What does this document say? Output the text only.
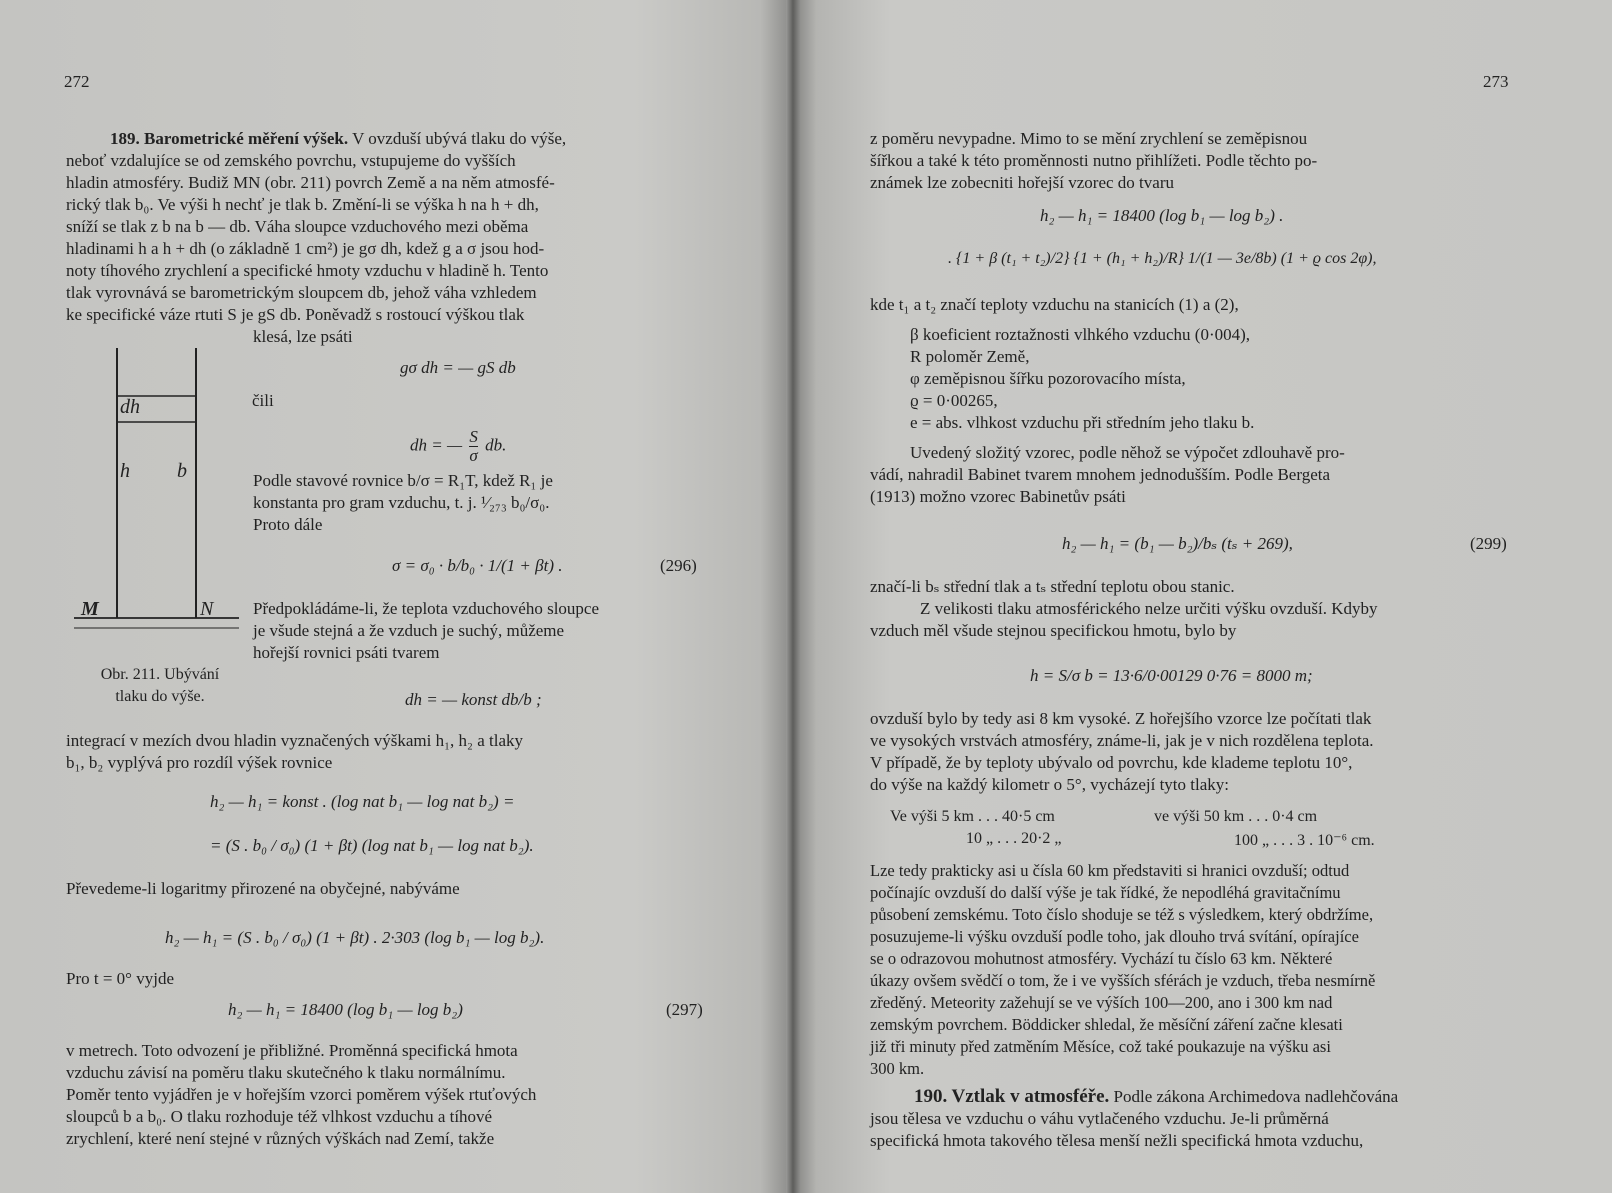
272
189. Barometrické měření výšek. V ovzduší ubývá tlaku do výše,
neboť vzdalujíce se od zemského povrchu, vstupujeme do vyšších
hladin atmosféry. Budiž MN (obr. 211) povrch Země a na něm atmosfé-
rický tlak b₀. Ve výši h nechť je tlak b. Změní-li se výška h na h + dh,
sníží se tlak z b na b — db. Váha sloupce vzduchového mezi oběma
hladinami h a h + dh (o základně 1 cm²) je gσ dh, kdež g a σ jsou hod-
noty tíhového zrychlení a specifické hmoty vzduchu v hladině h. Tento
tlak vyrovnává se barometrickým sloupcem db, jehož váha vzhledem
ke specifické váze rtuti S je gS db. Poněvadž s rostoucí výškou tlak
klesá, lze psáti
dh
h b
M	N
Obr. 211. Ubývání
tlaku do výše.
gσ dh = — gS db
čili
dh = — $\frac{S}{\sigma}$ db.
Podle stavové rovnice b/σ = R₁T, kdež R₁ je
konstanta pro gram vzduchu, t. j. ¹⁄₂₇₃ b₀/σ₀.
Proto dále
σ = σ₀ · b/b₀ · 1/(1 + βt) .	(296)
Předpokládáme-li, že teplota vzduchového sloupce
je všude stejná a že vzduch je suchý, můžeme
hořejší rovnici psáti tvarem
dh = — konst db/b ;
integrací v mezích dvou hladin vyznačených výškami h₁, h₂ a tlaky
b₁, b₂ vyplývá pro rozdíl výšek rovnice
h₂ — h₁ = konst . (log nat b₁ — log nat b₂) =
= (S . b₀ / σ₀) (1 + βt) (log nat b₁ — log nat b₂).
Převedeme-li logaritmy přirozené na obyčejné, nabýváme
h₂ — h₁ = (S . b₀ / σ₀) (1 + βt) . 2·303 (log b₁ — log b₂).
Pro t = 0° vyjde
h₂ — h₁ = 18400 (log b₁ — log b₂)	(297)
v metrech. Toto odvození je přibližné. Proměnná specifická hmota
vzduchu závisí na poměru tlaku skutečného k tlaku normálnímu.
Poměr tento vyjádřen je v hořejším vzorci poměrem výšek rtuťových
sloupců b a b₀. O tlaku rozhoduje též vlhkost vzduchu a tíhové
zrychlení, které není stejné v různých výškách nad Zemí, takže
273
z poměru nevypadne. Mimo to se mění zrychlení se zeměpisnou
šířkou a také k této proměnnosti nutno přihlížeti. Podle těchto po-
známek lze zobecniti hořejší vzorec do tvaru
h₂ — h₁ = 18400 (log b₁ — log b₂) .
. {1 + β (t₁ + t₂)/2} {1 + (h₁ + h₂)/R} 1/(1 — 3e/8b) (1 + ϱ cos 2φ),
kde t₁ a t₂ značí teploty vzduchu na stanicích (1) a (2),
β koeficient roztažnosti vlhkého vzduchu (0·004),
R poloměr Země,
φ zeměpisnou šířku pozorovacího místa,
ϱ = 0·00265,
e = abs. vlhkost vzduchu při středním jeho tlaku b.
Uvedený složitý vzorec, podle něhož se výpočet zdlouhavě pro-
vádí, nahradil Babinet tvarem mnohem jednodušším. Podle Bergeta
(1913) možno vzorec Babinetův psáti
h₂ — h₁ = (b₁ — b₂)/bₛ (tₛ + 269),	(299)
značí-li bₛ střední tlak a tₛ střední teplotu obou stanic.
Z velikosti tlaku atmosférického nelze určiti výšku ovzduší. Kdyby
vzduch měl všude stejnou specifickou hmotu, bylo by
h = S/σ b = 13·6/0·00129 0·76 = 8000 m;
ovzduší bylo by tedy asi 8 km vysoké. Z hořejšího vzorce lze počítati tlak
ve vysokých vrstvách atmosféry, známe-li, jak je v nich rozdělena teplota.
V případě, že by teploty ubývalo od povrchu, kde klademe teplotu 10°,
do výše na každý kilometr o 5°, vycházejí tyto tlaky:
Ve výši 5 km . . . 40·5 cm	ve výši 50 km . . . 0·4 cm
10 „ . . . 20·2 „	100 „ . . . 3 . 10⁻⁶ cm.
Lze tedy prakticky asi u čísla 60 km představiti si hranici ovzduší; odtud
počínajíc ovzduší do další výše je tak řídké, že nepodléhá gravitačnímu
působení zemskému. Toto číslo shoduje se též s výsledkem, který obdržíme,
posuzujeme-li výšku ovzduší podle toho, jak dlouho trvá svítání, opírajíce
se o odrazovou mohutnost atmosféry. Vychází tu číslo 63 km. Některé
úkazy ovšem svědčí o tom, že i ve vyšších sférách je vzduch, třeba nesmírně
zředěný. Meteority zažehují se ve výších 100—200, ano i 300 km nad
zemským povrchem. Böddicker shledal, že měsíční záření začne klesati
již tři minuty před zatměním Měsíce, což také poukazuje na výšku asi
300 km.
190. Vztlak v atmosféře. Podle zákona Archimedova nadlehčována
jsou tělesa ve vzduchu o váhu vytlačeného vzduchu. Je-li průměrná
specifická hmota takového tělesa menší nežli specifická hmota vzduchu,
